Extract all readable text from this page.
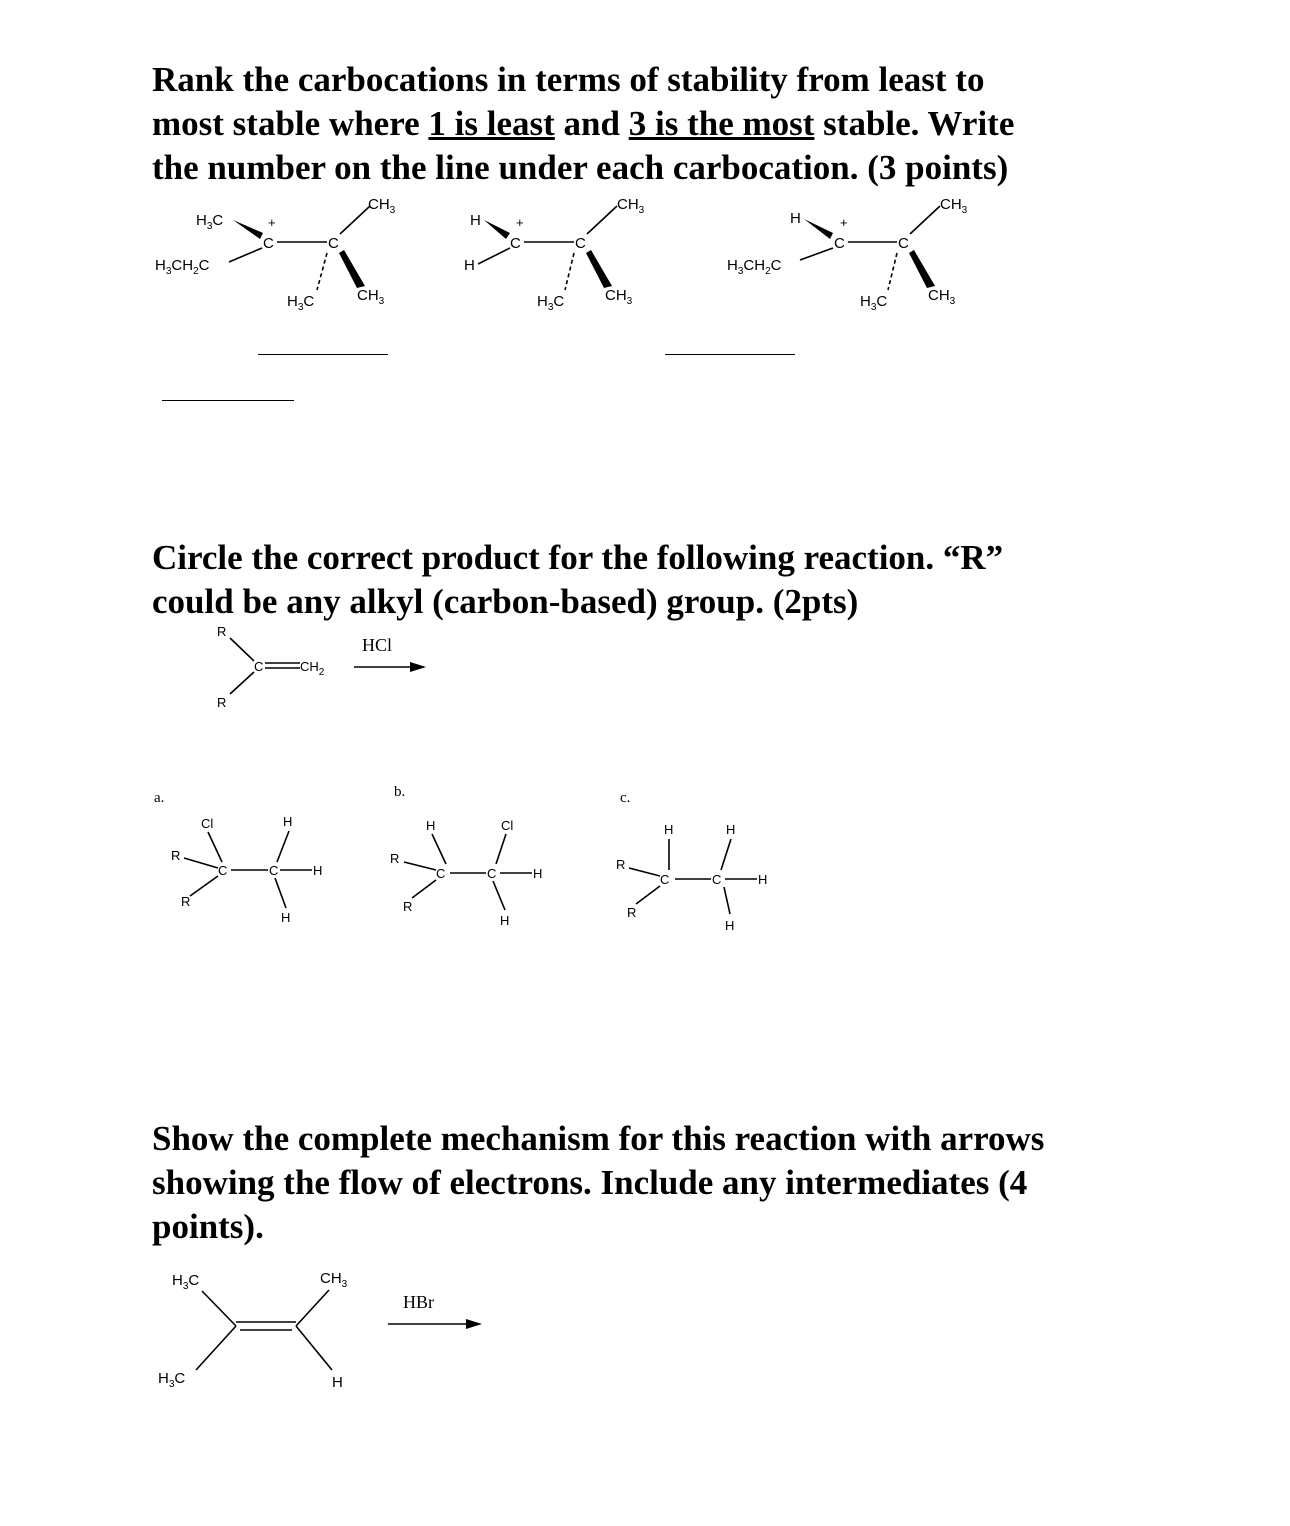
Rank the carbocations in terms of stability from least to
most stable where 1 is least and 3 is the most stable. Write
the number on the line under each carbocation. (3 points)
Circle the correct product for the following reaction. “R”
could be any alkyl (carbon-based) group. (2pts)
Show the complete mechanism for this reaction with arrows
showing the flow of electrons. Include any intermediates (4
points).
$H_3C$	+
$H_3CH_2C$
C	C
$CH_3$
$H_3C$	$CH_3$
H	+
H
C	C
$CH_3$
$H_3C$	$CH_3$
H	+
$H_3CH_2C$
C	C
$CH_3$
$H_3C$	$CH_3$
R
C	$CH_2$
R
Cl
R
C
R
C
H
H
H
H
R
C
R
C
Cl
H
H
H
R
C
R
C
H
H
H
$H_3C$	$CH_3$
$H_3C$	H
HCl
HBr
a.	b.	c.
